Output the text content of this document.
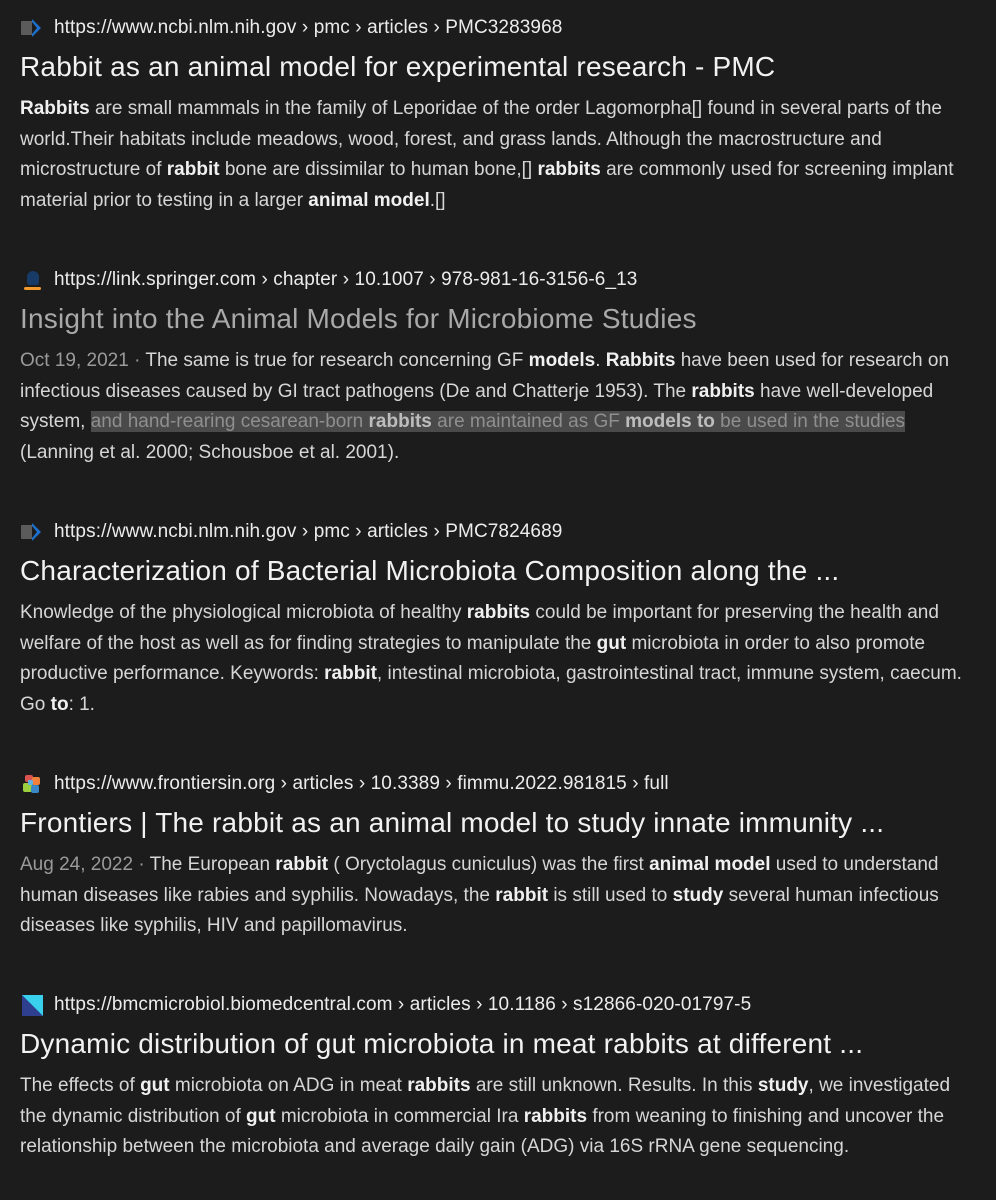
https://www.ncbi.nlm.nih.gov › pmc › articles › PMC3283968
Rabbit as an animal model for experimental research - PMC
Rabbits are small mammals in the family of Leporidae of the order Lagomorpha[] found in several parts of the world.Their habitats include meadows, wood, forest, and grass lands. Although the macrostructure and microstructure of rabbit bone are dissimilar to human bone,[] rabbits are commonly used for screening implant material prior to testing in a larger animal model.[]
https://link.springer.com › chapter › 10.1007 › 978-981-16-3156-6_13
Insight into the Animal Models for Microbiome Studies
Oct 19, 2021 · The same is true for research concerning GF models. Rabbits have been used for research on infectious diseases caused by GI tract pathogens (De and Chatterje 1953). The rabbits have well-developed system, and hand-rearing cesarean-born rabbits are maintained as GF models to be used in the studies (Lanning et al. 2000; Schousboe et al. 2001).
https://www.ncbi.nlm.nih.gov › pmc › articles › PMC7824689
Characterization of Bacterial Microbiota Composition along the ...
Knowledge of the physiological microbiota of healthy rabbits could be important for preserving the health and welfare of the host as well as for finding strategies to manipulate the gut microbiota in order to also promote productive performance. Keywords: rabbit, intestinal microbiota, gastrointestinal tract, immune system, caecum. Go to: 1.
https://www.frontiersin.org › articles › 10.3389 › fimmu.2022.981815 › full
Frontiers | The rabbit as an animal model to study innate immunity ...
Aug 24, 2022 · The European rabbit ( Oryctolagus cuniculus) was the first animal model used to understand human diseases like rabies and syphilis. Nowadays, the rabbit is still used to study several human infectious diseases like syphilis, HIV and papillomavirus.
https://bmcmicrobiol.biomedcentral.com › articles › 10.1186 › s12866-020-01797-5
Dynamic distribution of gut microbiota in meat rabbits at different ...
The effects of gut microbiota on ADG in meat rabbits are still unknown. Results. In this study, we investigated the dynamic distribution of gut microbiota in commercial Ira rabbits from weaning to finishing and uncover the relationship between the microbiota and average daily gain (ADG) via 16S rRNA gene sequencing.
